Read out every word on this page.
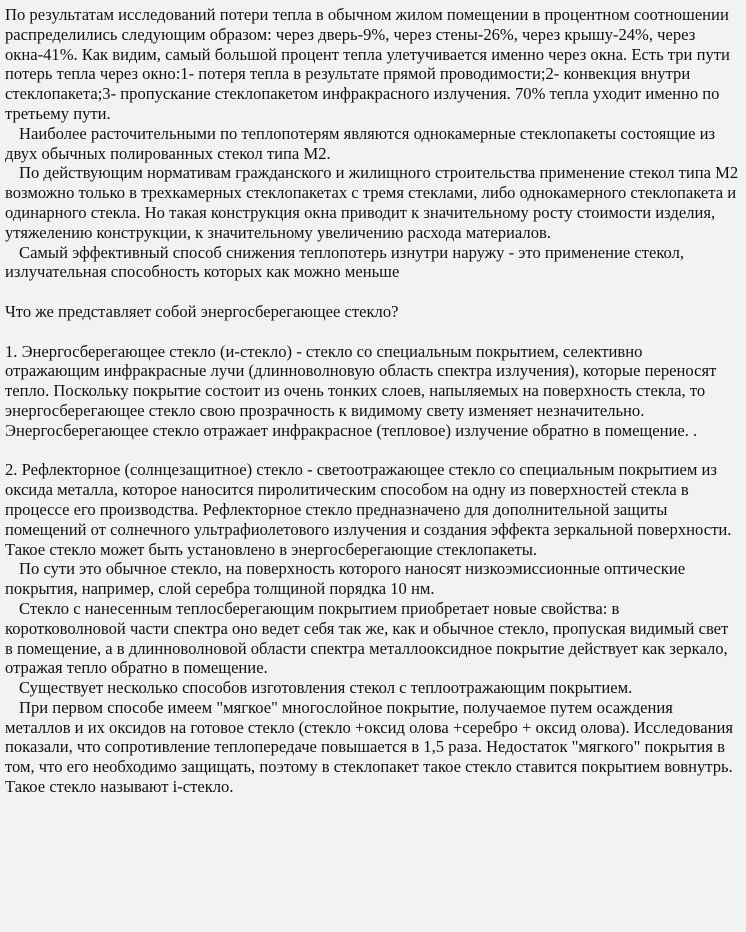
По результатам исследований потери тепла в обычном жилом помещении в процентном соотношении распределились следующим образом: через дверь-9%, через стены-26%, через крышу-24%, через окна-41%. Как видим, самый большой процент тепла улетучивается именно через окна. Есть три пути потерь тепла через окно:1- потеря тепла в результате прямой проводимости;2- конвекция внутри стеклопакета;3- пропускание стеклопакетом инфракрасного излучения. 70% тепла уходит именно по третьему пути.

Наиболее расточительными по теплопотерям являются однокамерные стеклопакеты состоящие из двух обычных полированных стекол типа М2.

По действующим нормативам гражданского и жилищного строительства применение стекол типа М2 возможно только в трехкамерных стеклопакетах с тремя стеклами, либо однокамерного стеклопакета и одинарного стекла. Но такая конструкция окна приводит к значительному росту стоимости изделия, утяжелению конструкции, к значительному увеличению расхода материалов.

Самый эффективный способ снижения теплопотерь изнутри наружу - это применение стекол, излучательная способность которых как можно меньше

Что же представляет собой энергосберегающее стекло?

1. Энергосберегающее стекло (и-стекло) - стекло со специальным покрытием, селективно отражающим инфракрасные лучи (длинноволновую область спектра излучения), которые переносят тепло. Поскольку покрытие состоит из очень тонких слоев, напыляемых на поверхность стекла, то энергосберегающее стекло свою прозрачность к видимому свету изменяет незначительно. Энергосберегающее стекло отражает инфракрасное (тепловое) излучение обратно в помещение. .

2. Рефлекторное (солнцезащитное) стекло - светоотражающее стекло со специальным покрытием из оксида металла, которое наносится пиролитическим способом на одну из поверхностей стекла в процессе его производства. Рефлекторное стекло предназначено для дополнительной защиты помещений от солнечного ультрафиолетового излучения и создания эффекта зеркальной поверхности. Такое стекло может быть установлено в энергосберегающие стеклопакеты.

По сути это обычное стекло, на поверхность которого наносят низкоэмиссионные оптические покрытия, например, слой серебра толщиной порядка 10 нм.

Стекло с нанесенным теплосберегающим покрытием приобретает новые свойства: в коротковолновой части спектра оно ведет себя так же, как и обычное стекло, пропуская видимый свет в помещение, а в длинноволновой области спектра металлооксидное покрытие действует как зеркало, отражая тепло обратно в помещение.

Существует несколько способов изготовления стекол с теплоотражающим покрытием.

При первом способе имеем "мягкое" многослойное покрытие, получаемое путем осаждения металлов и их оксидов на готовое стекло (стекло +оксид олова +серебро + оксид олова). Исследования показали, что сопротивление теплопередаче повышается в 1,5 раза. Недостаток "мягкого" покрытия в том, что его необходимо защищать, поэтому в стеклопакет такое стекло ставится покрытием вовнутрь. Такое стекло называют i-стекло.
